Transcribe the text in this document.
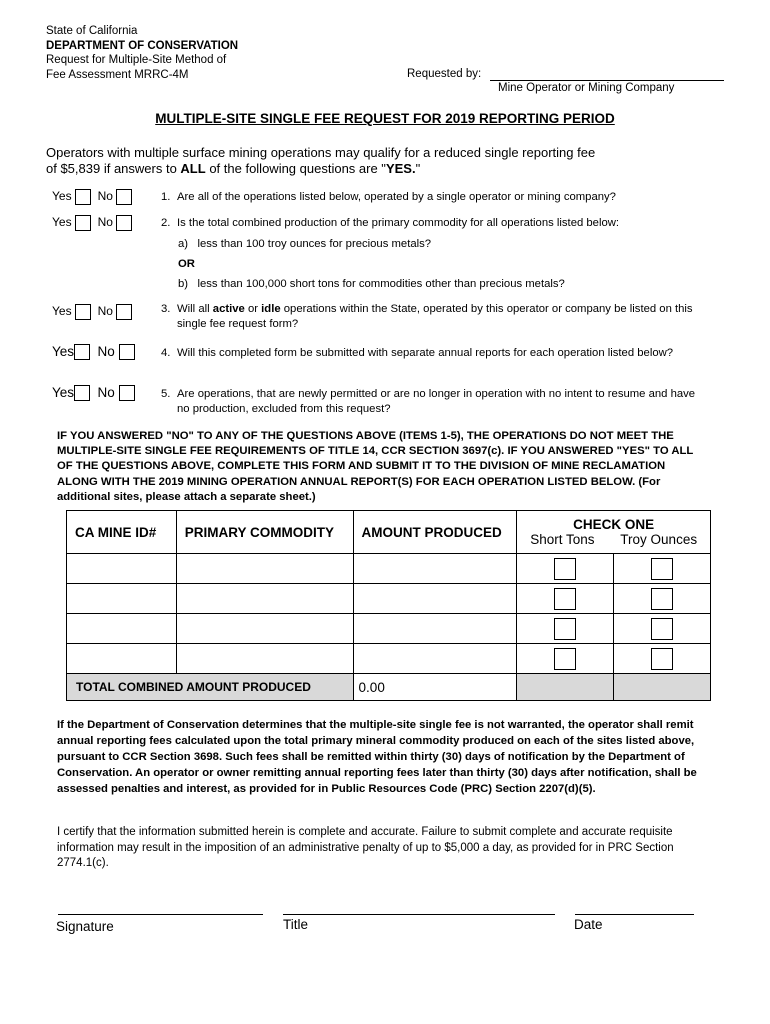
State of California
DEPARTMENT OF CONSERVATION
Request for Multiple-Site Method of
Fee Assessment MRRC-4M	Requested by:
Mine Operator or Mining Company
MULTIPLE-SITE SINGLE FEE REQUEST FOR 2019 REPORTING PERIOD
Operators with multiple surface mining operations may qualify for a reduced single reporting fee
of $5,839 if answers to ALL of the following questions are "YES."
Yes No
Yes No
Yes No
Yes No
Yes No
1. Are all of the operations listed below, operated by a single operator or mining company?
2. Is the total combined production of the primary commodity for all operations listed below:
a) less than 100 troy ounces for precious metals?
OR
b) less than 100,000 short tons for commodities other than precious metals?
3. Will all active or idle operations within the State, operated by this operator or company be listed on this single fee request form?
4. Will this completed form be submitted with separate annual reports for each operation listed below?
5. Are operations, that are newly permitted or are no longer in operation with no intent to resume and have no production, excluded from this request?
IF YOU ANSWERED "NO" TO ANY OF THE QUESTIONS ABOVE (ITEMS 1-5), THE OPERATIONS DO NOT MEET THE MULTIPLE-SITE SINGLE FEE REQUIREMENTS OF TITLE 14, CCR SECTION 3697(c). IF YOU ANSWERED "YES" TO ALL OF THE QUESTIONS ABOVE, COMPLETE THIS FORM AND SUBMIT IT TO THE DIVISION OF MINE RECLAMATION ALONG WITH THE 2019 MINING OPERATION ANNUAL REPORT(S) FOR EACH OPERATION LISTED BELOW. (For additional sites, please attach a separate sheet.)
CA MINE ID#	PRIMARY COMMODITY	AMOUNT PRODUCED	CHECK ONE
Short Tons Troy Ounces	

TOTAL COMBINED AMOUNT PRODUCED		0.00		
If the Department of Conservation determines that the multiple-site single fee is not warranted, the operator shall remit annual reporting fees calculated upon the total primary mineral commodity produced on each of the sites listed above, pursuant to CCR Section 3698. Such fees shall be remitted within thirty (30) days of notification by the Department of Conservation. An operator or owner remitting annual reporting fees later than thirty (30) days after notification, shall be assessed penalties and interest, as provided for in Public Resources Code (PRC) Section 2207(d)(5).
I certify that the information submitted herein is complete and accurate. Failure to submit complete and accurate requisite information may result in the imposition of an administrative penalty of up to $5,000 a day, as provided for in PRC Section 2774.1(c).
Signature	Title	Date
